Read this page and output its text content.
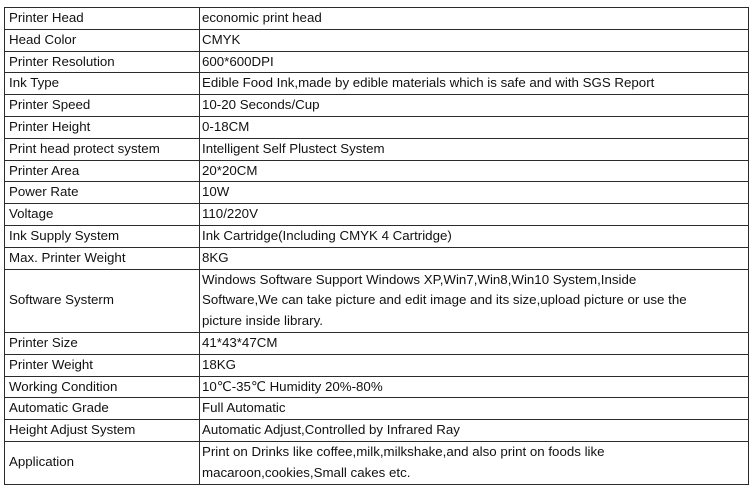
Printer Head	economic print head
Head Color	CMYK
Printer Resolution	600*600DPI
Ink Type	Edible Food Ink,made by edible materials which is safe and with SGS Report
Printer Speed	10-20 Seconds/Cup
Printer Height	0-18CM
Print head protect system	Intelligent Self Plustect System
Printer Area	20*20CM
Power Rate	10W
Voltage	110/220V
Ink Supply System	Ink Cartridge(Including CMYK 4 Cartridge)
Max. Printer Weight	8KG
Software Systerm	Windows Software Support Windows XP,Win7,Win8,Win10 System,Inside
Software,We can take picture and edit image and its size,upload picture or use the
picture inside library.

Printer Size	41*43*47CM
Printer Weight	18KG
Working Condition	10℃-35℃ Humidity 20%-80%
Automatic Grade	Full Automatic
Height Adjust System	Automatic Adjust,Controlled by Infrared Ray
Application	Print on Drinks like coffee,milk,milkshake,and also print on foods like
macaroon,cookies,Small cakes etc.
